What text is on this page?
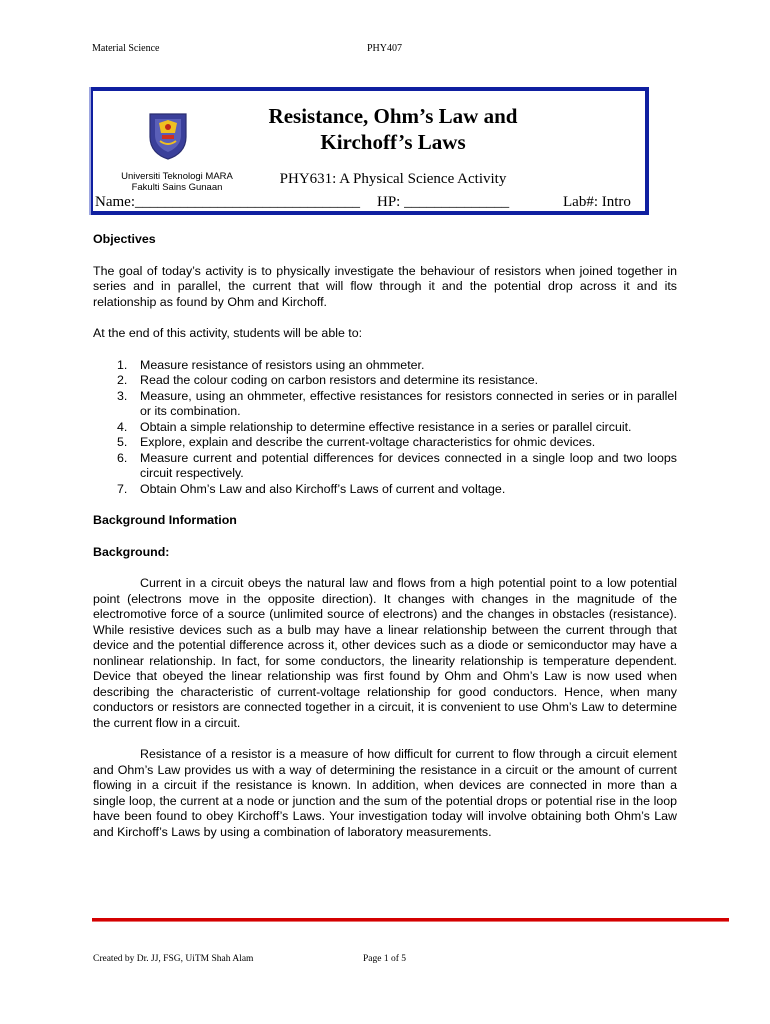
Material Science	PHY407
Universiti Teknologi MARA
Fakulti Sains Gunaan
Resistance, Ohm’s Law and
Kirchoff’s Laws
PHY631: A Physical Science Activity
Name:______________________________ HP: ______________	Lab#: Intro
Objectives

The goal of today’s activity is to physically investigate the behaviour of resistors when joined together in series and in parallel, the current that will flow through it and the potential drop across it and its relationship as found by Ohm and Kirchoff.

At the end of this activity, students will be able to:

1. Measure resistance of resistors using an ohmmeter.
2. Read the colour coding on carbon resistors and determine its resistance.
3. Measure, using an ohmmeter, effective resistances for resistors connected in series or in parallel or its combination.
4. Obtain a simple relationship to determine effective resistance in a series or parallel circuit.
5. Explore, explain and describe the current-voltage characteristics for ohmic devices.
6. Measure current and potential differences for devices connected in a single loop and two loops circuit respectively.
7. Obtain Ohm’s Law and also Kirchoff’s Laws of current and voltage.
Background Information
Background:

Current in a circuit obeys the natural law and flows from a high potential point to a low potential point (electrons move in the opposite direction). It changes with changes in the magnitude of the electromotive force of a source (unlimited source of electrons) and the changes in obstacles (resistance). While resistive devices such as a bulb may have a linear relationship between the current through that device and the potential difference across it, other devices such as a diode or semiconductor may have a nonlinear relationship. In fact, for some conductors, the linearity relationship is temperature dependent. Device that obeyed the linear relationship was first found by Ohm and Ohm’s Law is now used when describing the characteristic of current-voltage relationship for good conductors. Hence, when many conductors or resistors are connected together in a circuit, it is convenient to use Ohm’s Law to determine the current flow in a circuit.

Resistance of a resistor is a measure of how difficult for current to flow through a circuit element and Ohm’s Law provides us with a way of determining the resistance in a circuit or the amount of current flowing in a circuit if the resistance is known. In addition, when devices are connected in more than a single loop, the current at a node or junction and the sum of the potential drops or potential rise in the loop have been found to obey Kirchoff’s Laws. Your investigation today will involve obtaining both Ohm’s Law and Kirchoff’s Laws by using a combination of laboratory measurements.

Created by Dr. JJ, FSG, UiTM Shah Alam	Page 1 of 5
